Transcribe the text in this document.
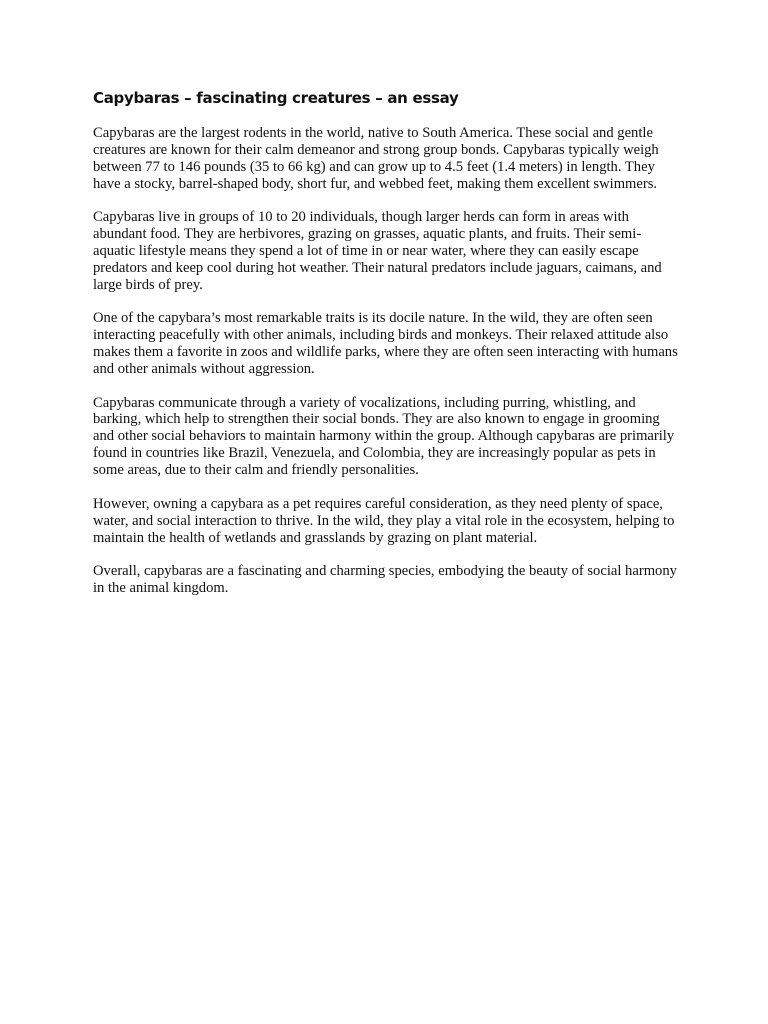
Capybaras – fascinating creatures – an essay

Capybaras are the largest rodents in the world, native to South America. These social and gentle creatures are known for their calm demeanor and strong group bonds. Capybaras typically weigh between 77 to 146 pounds (35 to 66 kg) and can grow up to 4.5 feet (1.4 meters) in length. They have a stocky, barrel-shaped body, short fur, and webbed feet, making them excellent swimmers.

Capybaras live in groups of 10 to 20 individuals, though larger herds can form in areas with abundant food. They are herbivores, grazing on grasses, aquatic plants, and fruits. Their semi-aquatic lifestyle means they spend a lot of time in or near water, where they can easily escape predators and keep cool during hot weather. Their natural predators include jaguars, caimans, and large birds of prey.

One of the capybara’s most remarkable traits is its docile nature. In the wild, they are often seen interacting peacefully with other animals, including birds and monkeys. Their relaxed attitude also makes them a favorite in zoos and wildlife parks, where they are often seen interacting with humans and other animals without aggression.

Capybaras communicate through a variety of vocalizations, including purring, whistling, and barking, which help to strengthen their social bonds. They are also known to engage in grooming and other social behaviors to maintain harmony within the group. Although capybaras are primarily found in countries like Brazil, Venezuela, and Colombia, they are increasingly popular as pets in some areas, due to their calm and friendly personalities.

However, owning a capybara as a pet requires careful consideration, as they need plenty of space, water, and social interaction to thrive. In the wild, they play a vital role in the ecosystem, helping to maintain the health of wetlands and grasslands by grazing on plant material.

Overall, capybaras are a fascinating and charming species, embodying the beauty of social harmony in the animal kingdom.
